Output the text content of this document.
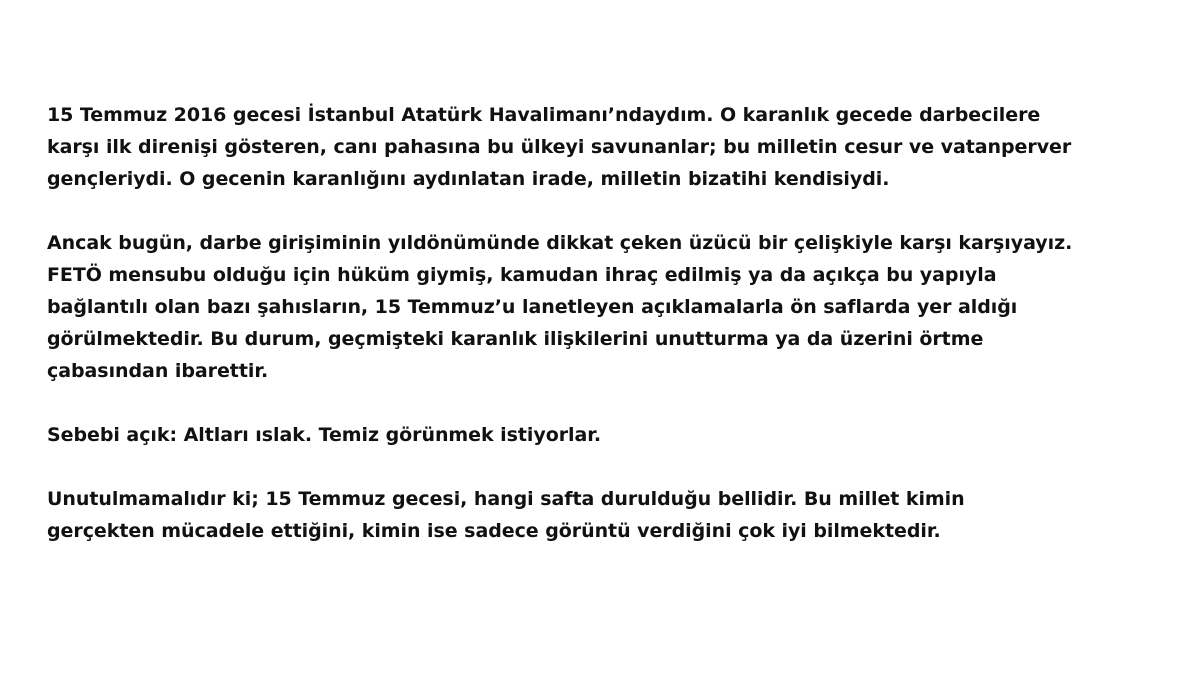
15 Temmuz 2016 gecesi İstanbul Atatürk Havalimanı’ndaydım. O karanlık gecede darbecilere
karşı ilk direnişi gösteren, canı pahasına bu ülkeyi savunanlar; bu milletin cesur ve vatanperver
gençleriydi. O gecenin karanlığını aydınlatan irade, milletin bizatihi kendisiydi.

Ancak bugün, darbe girişiminin yıldönümünde dikkat çeken üzücü bir çelişkiyle karşı karşıyayız.
FETÖ mensubu olduğu için hüküm giymiş, kamudan ihraç edilmiş ya da açıkça bu yapıyla
bağlantılı olan bazı şahısların, 15 Temmuz’u lanetleyen açıklamalarla ön saflarda yer aldığı
görülmektedir. Bu durum, geçmişteki karanlık ilişkilerini unutturma ya da üzerini örtme
çabasından ibarettir.

Sebebi açık: Altları ıslak. Temiz görünmek istiyorlar.

Unutulmamalıdır ki; 15 Temmuz gecesi, hangi safta durulduğu bellidir. Bu millet kimin
gerçekten mücadele ettiğini, kimin ise sadece görüntü verdiğini çok iyi bilmektedir.
